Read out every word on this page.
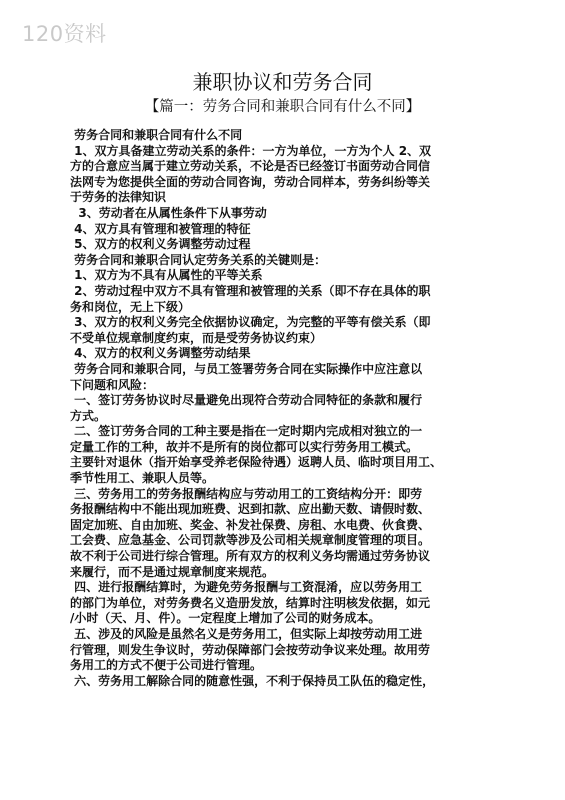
120资料
兼职协议和劳务合同
【篇一：劳务合同和兼职合同有什么不同】
劳务合同和兼职合同有什么不同
1、双方具备建立劳动关系的条件：一方为单位，一方为个人 2、双
方的合意应当属于建立劳动关系，不论是否已经签订书面劳动合同信
法网专为您提供全面的劳动合同咨询，劳动合同样本，劳务纠纷等关
于劳务的法律知识
3、劳动者在从属性条件下从事劳动
4、双方具有管理和被管理的特征
5、双方的权利义务调整劳动过程
劳务合同和兼职合同认定劳务关系的关键则是：
1、双方为不具有从属性的平等关系
2、劳动过程中双方不具有管理和被管理的关系（即不存在具体的职
务和岗位，无上下级）
3、双方的权利义务完全依据协议确定，为完整的平等有偿关系（即
不受单位规章制度约束，而是受劳务协议约束）
4、双方的权利义务调整劳动结果
劳务合同和兼职合同，与员工签署劳务合同在实际操作中应注意以
下问题和风险：
一、签订劳务协议时尽量避免出现符合劳动合同特征的条款和履行
方式。
二、签订劳务合同的工种主要是指在一定时期内完成相对独立的一
定量工作的工种，故并不是所有的岗位都可以实行劳务用工模式。
主要针对退休（指开始享受养老保险待遇）返聘人员、临时项目用工、
季节性用工、兼职人员等。
三、劳务用工的劳务报酬结构应与劳动用工的工资结构分开：即劳
务报酬结构中不能出现加班费、迟到扣款、应出勤天数、请假时数、
固定加班、自由加班、奖金、补发社保费、房租、水电费、伙食费、
工会费、应急基金、公司罚款等涉及公司相关规章制度管理的项目。
故不利于公司进行综合管理。所有双方的权利义务均需通过劳务协议
来履行，而不是通过规章制度来规范。
四、进行报酬结算时，为避免劳务报酬与工资混淆，应以劳务用工
的部门为单位，对劳务费名义造册发放，结算时注明核发依据，如元
/小时（天、月、件）。一定程度上增加了公司的财务成本。
五、涉及的风险是虽然名义是劳务用工，但实际上却按劳动用工进
行管理，则发生争议时，劳动保障部门会按劳动争议来处理。故用劳
务用工的方式不便于公司进行管理。
六、劳务用工解除合同的随意性强，不利于保持员工队伍的稳定性，
